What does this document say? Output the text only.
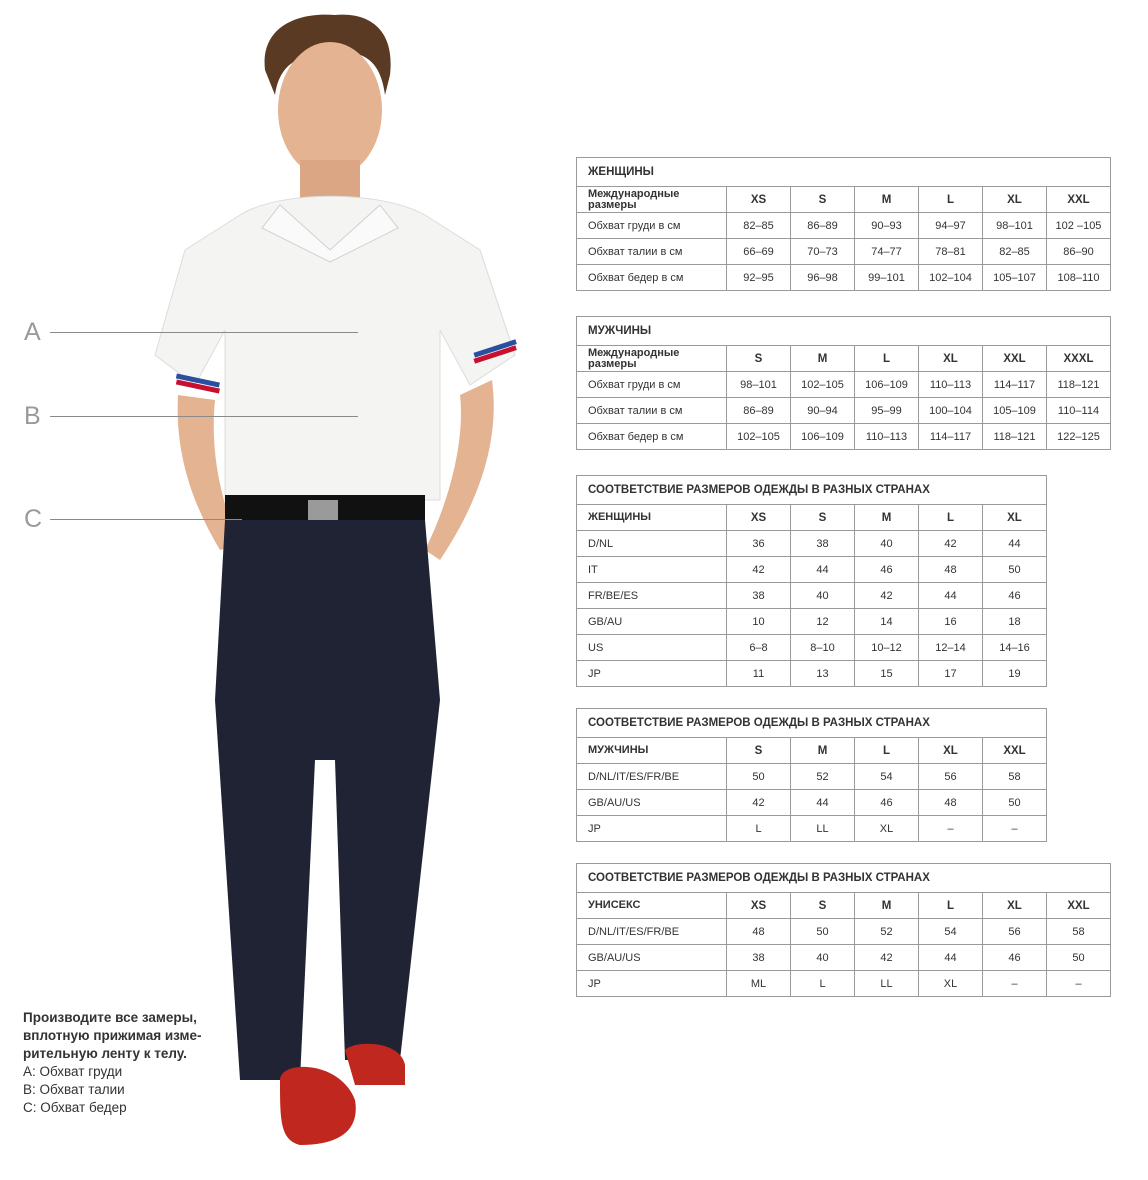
A
B
C
Производите все замеры,
вплотную прижимая изме-
рительную ленту к телу.
A: Обхват груди
B: Обхват талии
C: Обхват бедер
ЖЕНЩИНЫ						
Международные размеры	XS	S	M	L	XL	XXL
Обхват груди в см	82–85	86–89	90–93	94–97	98–101	102 –105
Обхват талии в см	66–69	70–73	74–77	78–81	82–85	86–90
Обхват бедер в см	92–95	96–98	99–101	102–104	105–107	108–110
МУЖЧИНЫ						
Международные размеры	S	M	L	XL	XXL	XXXL
Обхват груди в см	98–101	102–105	106–109	110–113	114–117	118–121
Обхват талии в см	86–89	90–94	95–99	100–104	105–109	110–114
Обхват бедер в см	102–105	106–109	110–113	114–117	118–121	122–125
СООТВЕТСТВИЕ РАЗМЕРОВ ОДЕЖДЫ В РАЗНЫХ СТРАНАХ					
ЖЕНЩИНЫ	XS	S	M	L	XL
D/NL	36	38	40	42	44
IT	42	44	46	48	50
FR/BE/ES	38	40	42	44	46
GB/AU	10	12	14	16	18
US	6–8	8–10	10–12	12–14	14–16
JP	11	13	15	17	19
СООТВЕТСТВИЕ РАЗМЕРОВ ОДЕЖДЫ В РАЗНЫХ СТРАНАХ					
МУЖЧИНЫ	S	M	L	XL	XXL
D/NL/IT/ES/FR/BE	50	52	54	56	58
GB/AU/US	42	44	46	48	50
JP	L	LL	XL	–	–
СООТВЕТСТВИЕ РАЗМЕРОВ ОДЕЖДЫ В РАЗНЫХ СТРАНАХ						
УНИСЕКС	XS	S	M	L	XL	XXL
D/NL/IT/ES/FR/BE	48	50	52	54	56	58
GB/AU/US	38	40	42	44	46	50
JP	ML	L	LL	XL	–	–
